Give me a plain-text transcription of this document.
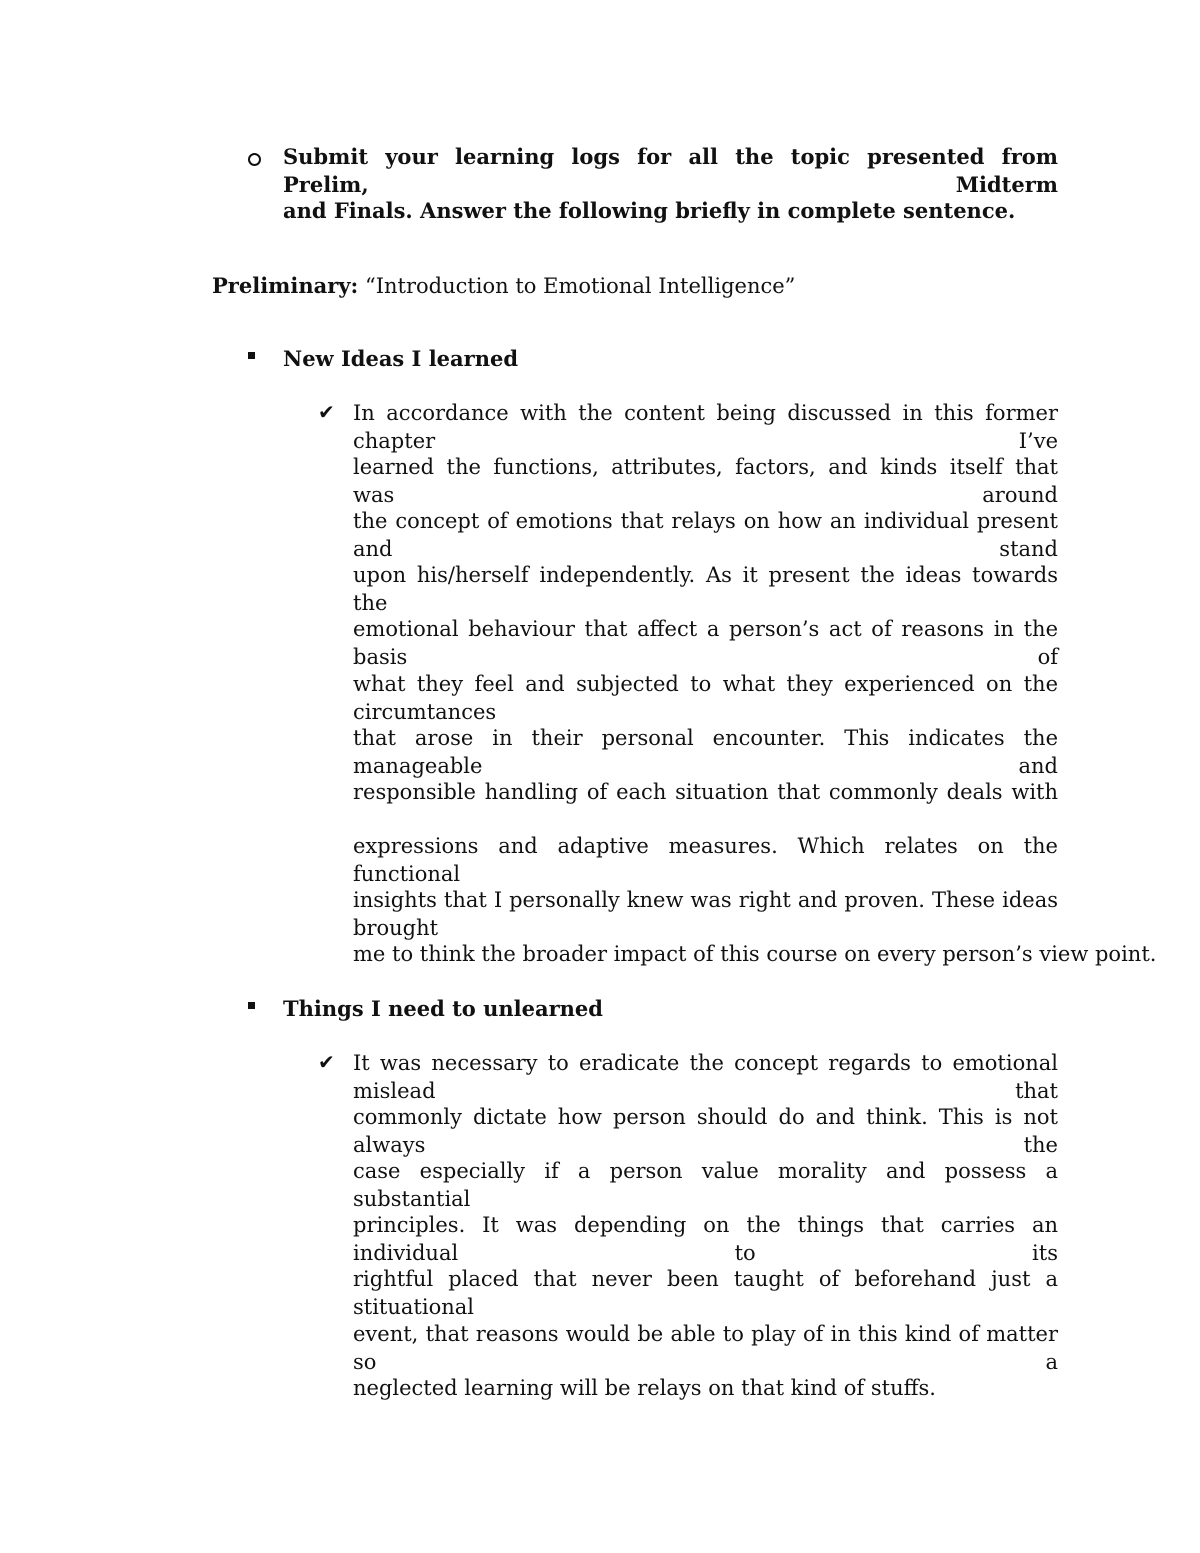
Submit your learning logs for all the topic presented from Prelim, Midterm
and Finals. Answer the following briefly in complete sentence.
Preliminary: “Introduction to Emotional Intelligence”
New Ideas I learned
✔ In accordance with the content being discussed in this former chapter I’ve
learned the functions, attributes, factors, and kinds itself that was around
the concept of emotions that relays on how an individual present and stand
upon his/herself independently. As it present the ideas towards the
emotional behaviour that affect a person’s act of reasons in the basis of
what they feel and subjected to what they experienced on the circumtances
that arose in their personal encounter. This indicates the manageable and
responsible handling of each situation that commonly deals with
expressions and adaptive measures. Which relates on the functional
insights that I personally knew was right and proven. These ideas brought
me to think the broader impact of this course on every person’s view point.
Things I need to unlearned
✔ It was necessary to eradicate the concept regards to emotional mislead that
commonly dictate how person should do and think. This is not always the
case especially if a person value morality and possess a substantial
principles. It was depending on the things that carries an individual to its
rightful placed that never been taught of beforehand just a stituational
event, that reasons would be able to play of in this kind of matter so a
neglected learning will be relays on that kind of stuffs.
